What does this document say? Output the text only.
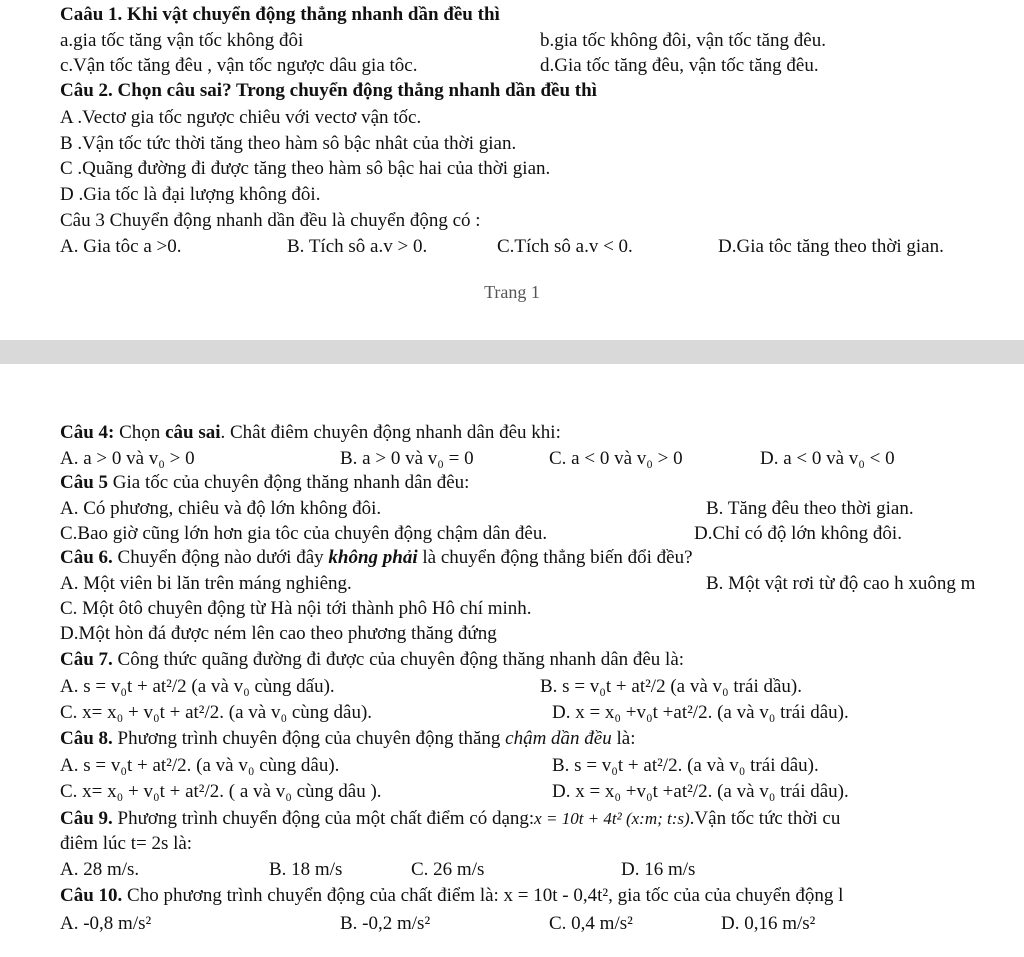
Caâu 1. Khi vật chuyển động thẳng nhanh dần đều thì
a.gia tốc tăng vận tốc không đôi	b.gia tốc không đôi, vận tốc tăng đêu.
c.Vận tốc tăng đêu , vận tốc ngược dâu gia tôc.	d.Gia tốc tăng đêu, vận tốc tăng đêu.
Câu 2. Chọn câu sai? Trong chuyển động thẳng nhanh dần đều thì
A .Vectơ gia tốc ngược chiêu với vectơ vận tốc.
B .Vận tốc tức thời tăng theo hàm sô bậc nhât của thời gian.
C .Quãng đường đi được tăng theo hàm sô bậc hai của thời gian.
D .Gia tốc là đại lượng không đôi.
Câu 3 Chuyển động nhanh dần đều là chuyển động có :
A. Gia tôc a >0.	B. Tích sô a.v > 0.	C.Tích sô a.v < 0.	D.Gia tôc tăng theo thời gian.
Trang 1
Câu 4: Chọn câu sai. Chât điêm chuyên động nhanh dân đêu khi:
A. a > 0 và v₀ > 0	B. a > 0 và v₀ = 0	C. a < 0 và v₀ > 0	D. a < 0 và v₀ < 0
Câu 5 Gia tốc của chuyên động thăng nhanh dân đêu:
A. Có phương, chiêu và độ lớn không đôi.	B. Tăng đêu theo thời gian.
C.Bao giờ cũng lớn hơn gia tôc của chuyên động chậm dân đêu.	D.Chỉ có độ lớn không đôi.
Câu 6. Chuyển động nào dưới đây không phải là chuyển động thẳng biến đổi đều?
A. Một viên bi lăn trên máng nghiêng.	B. Một vật rơi từ độ cao h xuông m
C. Một ôtô chuyên động từ Hà nội tới thành phô Hô chí minh.
D.Một hòn đá được ném lên cao theo phương thăng đứng
Câu 7. Công thức quãng đường đi được của chuyên động thăng nhanh dân đêu là:
A. s = v₀t + at²/2 (a và v₀ cùng dấu).	B. s = v₀t + at²/2 (a và v₀ trái dầu).
C. x= x₀ + v₀t + at²/2. (a và v₀ cùng dâu).	D. x = x₀ +v₀t +at²/2. (a và v₀ trái dâu).
Câu 8. Phương trình chuyên động của chuyên động thăng chậm dần đều là:
A. s = v₀t + at²/2. (a và v₀ cùng dâu).	B. s = v₀t + at²/2. (a và v₀ trái dâu).
C. x= x₀ + v₀t + at²/2. ( a và v₀ cùng dâu ).	D. x = x₀ +v₀t +at²/2. (a và v₀ trái dâu).
Câu 9. Phương trình chuyển động của một chất điểm có dạng:x = 10t + 4t² (x:m; t:s).Vận tốc tức thời cu
điêm lúc t= 2s là:
A. 28 m/s.	B. 18 m/s	C. 26 m/s	D. 16 m/s
Câu 10. Cho phương trình chuyển động của chất điểm là: x = 10t - 0,4t², gia tốc của của chuyển động l
A. -0,8 m/s²	B. -0,2 m/s²	C. 0,4 m/s²	D. 0,16 m/s²
